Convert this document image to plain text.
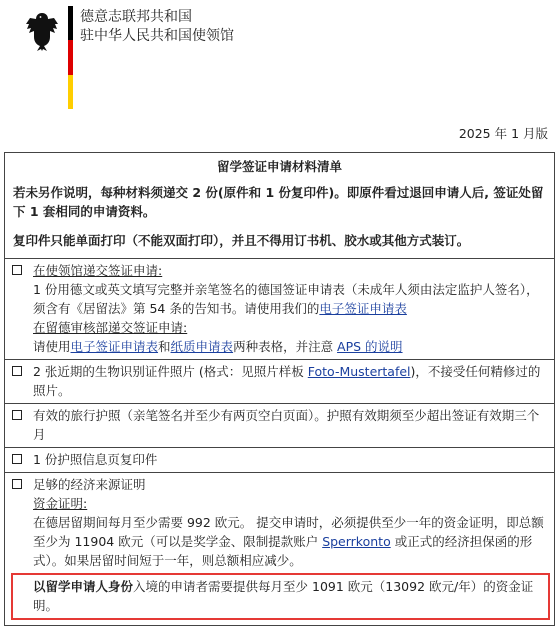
德意志联邦共和国
驻中华人民共和国使领馆
2025 年 1 月版
留学签证申请材料清单

若未另作说明，每种材料须递交 2 份(原件和 1 份复印件)。即原件看过退回申请人后, 签证处留下 1 套相同的申请资料。

复印件只能单面打印（不能双面打印），并且不得用订书机、胶水或其他方式装订。

在使领馆递交签证申请:
1 份用德文或英文填写完整并亲笔签名的德国签证申请表（未成年人须由法定监护人签名），须含有《居留法》第 54 条的告知书。请使用我们的电子签证申请表
在留德审核部递交签证申请:
请使用电子签证申请表和纸质申请表两种表格，并注意 APS 的说明

2 张近期的生物识别证件照片 (格式：见照片样板 Foto-Mustertafel)，不接受任何精修过的照片。

有效的旅行护照（亲笔签名并至少有两页空白页面）。护照有效期须至少超出签证有效期三个月

1 份护照信息页复印件

足够的经济来源证明
资金证明:
在德居留期间每月至少需要 992 欧元。 提交申请时，必须提供至少一年的资金证明，即总额至少为 11904 欧元（可以是奖学金、限制提款账户 Sperrkonto 或正式的经济担保函的形式）。如果居留时间短于一年，则总额相应减少。
以留学申请人身份入境的申请者需要提供每月至少 1091 欧元（13092 欧元/年）的资金证明。
